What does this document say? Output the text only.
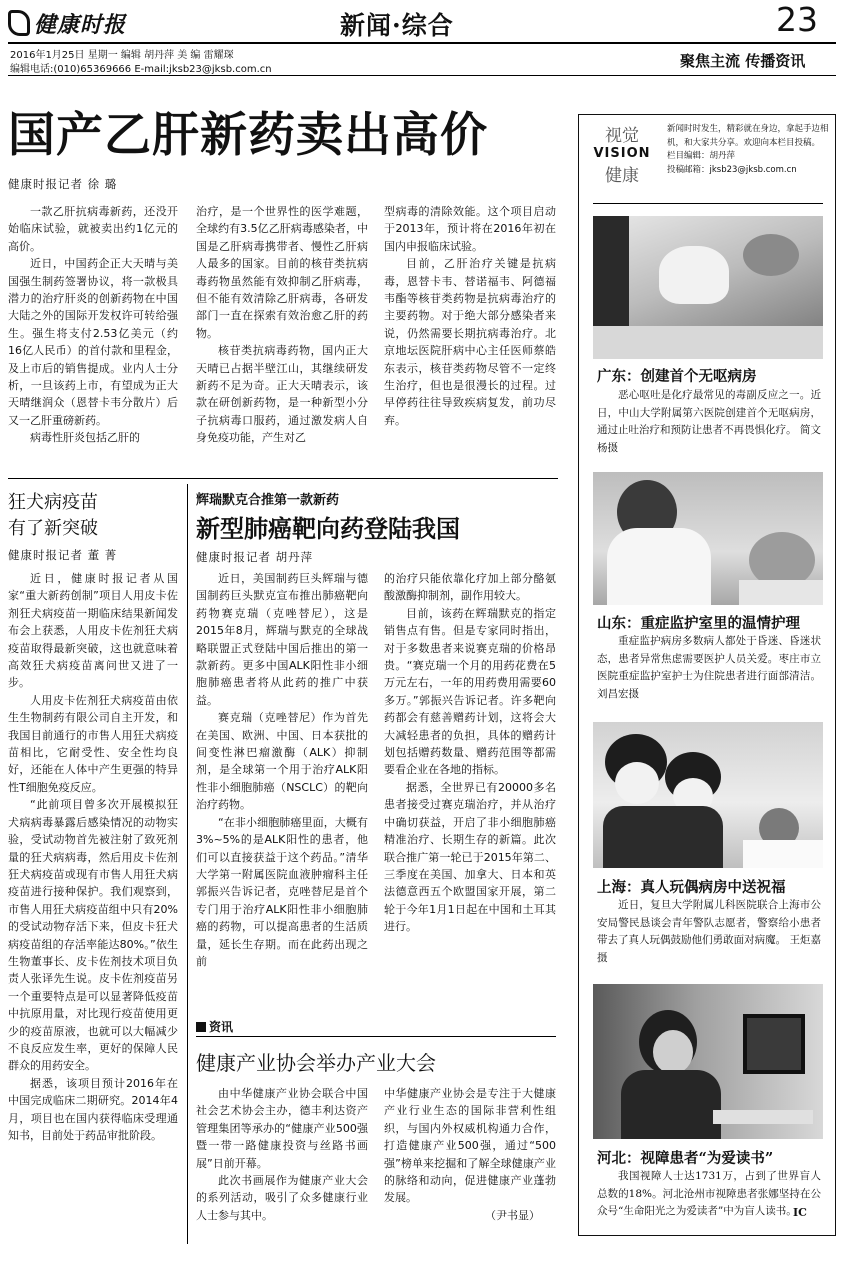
健康时报	新闻·综合	23
2016年1月25日 星期一 编辑 胡丹萍 美 编 雷耀琛
编辑电话:(010)65369666 E-mail:jksb23@jksb.com.cn	聚焦主流 传播资讯
国产乙肝新药卖出高价
健康时报记者 徐 璐

一款乙肝抗病毒新药，还没开始临床试验，就被卖出约1亿元的高价。

近日，中国药企正大天晴与美国强生制药签署协议，将一款极具潜力的治疗肝炎的创新药物在中国大陆之外的国际开发权许可转给强生。强生将支付2.53亿美元（约16亿人民币）的首付款和里程金，及上市后的销售提成。业内人士分析，一旦该药上市，有望成为正大天晴继润众（恩替卡韦分散片）后又一乙肝重磅新药。

病毒性肝炎包括乙肝的

治疗，是一个世界性的医学难题，全球约有3.5亿乙肝病毒感染者，中国是乙肝病毒携带者、慢性乙肝病人最多的国家。目前的核苷类抗病毒药物虽然能有效抑制乙肝病毒，但不能有效清除乙肝病毒，各研发部门一直在探索有效治愈乙肝的药物。

核苷类抗病毒药物，国内正大天晴已占据半壁江山，其继续研发新药不足为奇。正大天晴表示，该款在研创新药物，是一种新型小分子抗病毒口服药，通过激发病人自身免疫功能，产生对乙

型病毒的清除效能。这个项目启动于2013年，预计将在2016年初在国内申报临床试验。

目前，乙肝治疗关键是抗病毒，恩替卡韦、替诺福韦、阿德福韦酯等核苷类药物是抗病毒治疗的主要药物。对于绝大部分感染者来说，仍然需要长期抗病毒治疗。北京地坛医院肝病中心主任医师蔡皓东表示，核苷类药物尽管不一定终生治疗，但也是很漫长的过程。过早停药往往导致疾病复发，前功尽弃。

狂犬病疫苗
有了新突破
健康时报记者 董 菁

近日，健康时报记者从国家“重大新药创制”项目人用皮卡佐剂狂犬病疫苗一期临床结果新闻发布会上获悉，人用皮卡佐剂狂犬病疫苗取得最新突破，这也就意味着高效狂犬病疫苗离问世又进了一步。

人用皮卡佐剂狂犬病疫苗由依生生物制药有限公司自主开发，和我国目前通行的市售人用狂犬病疫苗相比，它耐受性、安全性均良好，还能在人体中产生更强的特异性T细胞免疫反应。

“此前项目曾多次开展模拟狂犬病病毒暴露后感染情况的动物实验，受试动物首先被注射了致死剂量的狂犬病病毒，然后用皮卡佐剂狂犬病疫苗或现有市售人用狂犬病疫苗进行接种保护。我们观察到，市售人用狂犬病疫苗组中只有20%的受试动物存活下来，但皮卡狂犬病疫苗组的存活率能达80%。”依生生物董事长、皮卡佐剂技术项目负责人张译先生说。皮卡佐剂疫苗另一个重要特点是可以显著降低疫苗中抗原用量，对比现行疫苗使用更少的疫苗原液，也就可以大幅减少不良反应发生率，更好的保障人民群众的用药安全。

据悉，该项目预计2016年在中国完成临床二期研究。2014年4月，项目也在国内获得临床受理通知书，目前处于药品审批阶段。

辉瑞默克合推第一款新药
新型肺癌靶向药登陆我国
健康时报记者 胡丹萍

近日，美国制药巨头辉瑞与德国制药巨头默克宣布推出肺癌靶向药物赛克瑞（克唑替尼），这是2015年8月，辉瑞与默克的全球战略联盟正式登陆中国后推出的第一款新药。更多中国ALK阳性非小细胞肺癌患者将从此药的推广中获益。

赛克瑞（克唑替尼）作为首先在美国、欧洲、中国、日本获批的间变性淋巴瘤激酶（ALK）抑制剂，是全球第一个用于治疗ALK阳性非小细胞肺癌（NSCLC）的靶向治疗药物。

“在非小细胞肺癌里面，大概有3%~5%的是ALK阳性的患者，他们可以直接获益于这个药品。”清华大学第一附属医院血液肿瘤科主任郭振兴告诉记者，克唑替尼是首个专门用于治疗ALK阳性非小细胞肺癌的药物，可以提高患者的生活质量，延长生存期。而在此药出现之前

的治疗只能依靠化疗加上部分酪氨酸激酶抑制剂，副作用较大。

目前，该药在辉瑞默克的指定销售点有售。但是专家同时指出，对于多数患者来说赛克瑞的价格昂贵。“赛克瑞一个月的用药花费在5万元左右，一年的用药费用需要60多万。”郭振兴告诉记者。许多靶向药都会有慈善赠药计划，这将会大大减轻患者的负担，具体的赠药计划包括赠药数量、赠药范围等都需要看企业在各地的指标。

据悉，全世界已有20000多名患者接受过赛克瑞治疗，并从治疗中确切获益，开启了非小细胞肺癌精准治疗、长期生存的新篇。此次联合推广第一轮已于2015年第二、三季度在美国、加拿大、日本和英法德意西五个欧盟国家开展，第二轮于今年1月1日起在中国和土耳其进行。

资讯
健康产业协会举办产业大会

由中华健康产业协会联合中国社会艺术协会主办，德丰利达资产管理集团等承办的“健康产业500强暨一带一路健康投资与丝路书画展”日前开幕。

此次书画展作为健康产业大会的系列活动，吸引了众多健康行业人士参与其中。

中华健康产业协会是专注于大健康产业行业生态的国际非营利性组织，与国内外权威机构通力合作，打造健康产业500强，通过“500强”榜单来挖掘和了解全球健康产业的脉络和动向，促进健康产业蓬勃发展。

（尹书显）

视觉
VISION
健康
新闻时时发生，精彩就在身边，拿起手边相机，和大家共分享。欢迎向本栏目投稿。
栏目编辑：胡丹萍
投稿邮箱：jksb23@jksb.com.cn
广东：创建首个无呕病房

恶心呕吐是化疗最常见的毒副反应之一。近日，中山大学附属第六医院创建首个无呕病房，通过止吐治疗和预防让患者不再畏惧化疗。 简文杨摄

山东：重症监护室里的温情护理

重症监护病房多数病人都处于昏迷、昏迷状态，患者异常焦虑需要医护人员关爱。枣庄市立医院重症监护室护士为住院患者进行面部清洁。刘昌宏摄

上海：真人玩偶病房中送祝福

近日，复旦大学附属儿科医院联合上海市公安局警民恳谈会青年警队志愿者，警察给小患者带去了真人玩偶鼓励他们勇敢面对病魔。 王炬嘉摄

河北：视障患者“为爱读书”

我国视障人士达1731万，占到了世界盲人总数的18%。河北沧州市视障患者张娜坚持在公众号“生命阳光之为爱读者”中为盲人读书。

IC
